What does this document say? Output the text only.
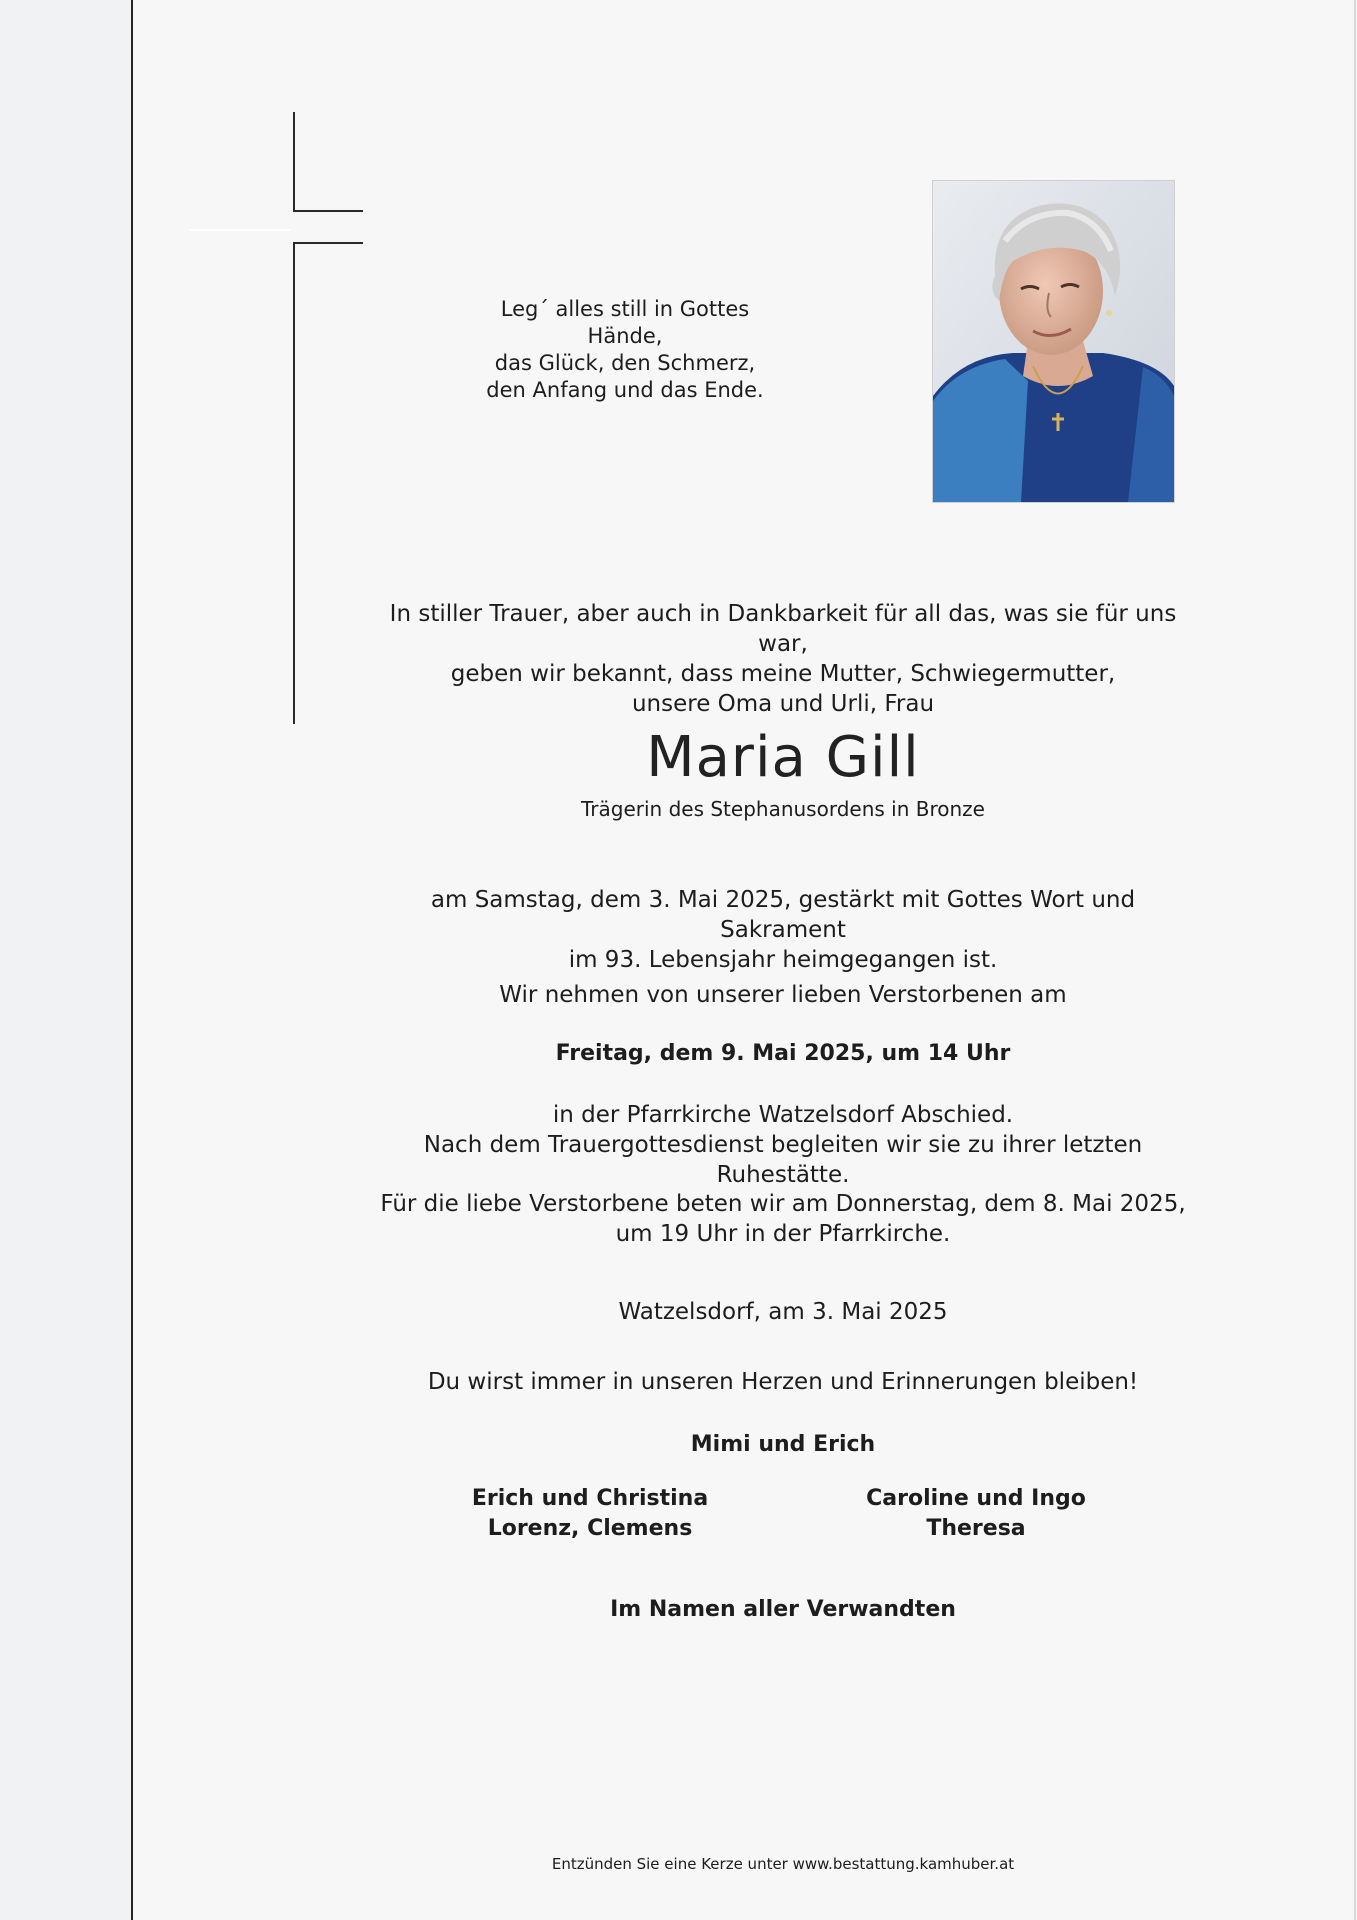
Leg´ alles still in Gottes Hände,
das Glück, den Schmerz,
den Anfang und das Ende.
In stiller Trauer, aber auch in Dankbarkeit für all das, was sie für uns war,
geben wir bekannt, dass meine Mutter, Schwiegermutter,
unsere Oma und Urli, Frau
Maria Gill
Trägerin des Stephanusordens in Bronze
am Samstag, dem 3. Mai 2025, gestärkt mit Gottes Wort und Sakrament
im 93. Lebensjahr heimgegangen ist.
Wir nehmen von unserer lieben Verstorbenen am
Freitag, dem 9. Mai 2025, um 14 Uhr
in der Pfarrkirche Watzelsdorf Abschied.
Nach dem Trauergottesdienst begleiten wir sie zu ihrer letzten Ruhestätte.
Für die liebe Verstorbene beten wir am Donnerstag, dem 8. Mai 2025,
um 19 Uhr in der Pfarrkirche.
Watzelsdorf, am 3. Mai 2025
Du wirst immer in unseren Herzen und Erinnerungen bleiben!
Mimi und Erich
Erich und Christina
Lorenz, Clemens
Caroline und Ingo
Theresa
Im Namen aller Verwandten
Entzünden Sie eine Kerze unter www.bestattung.kamhuber.at
